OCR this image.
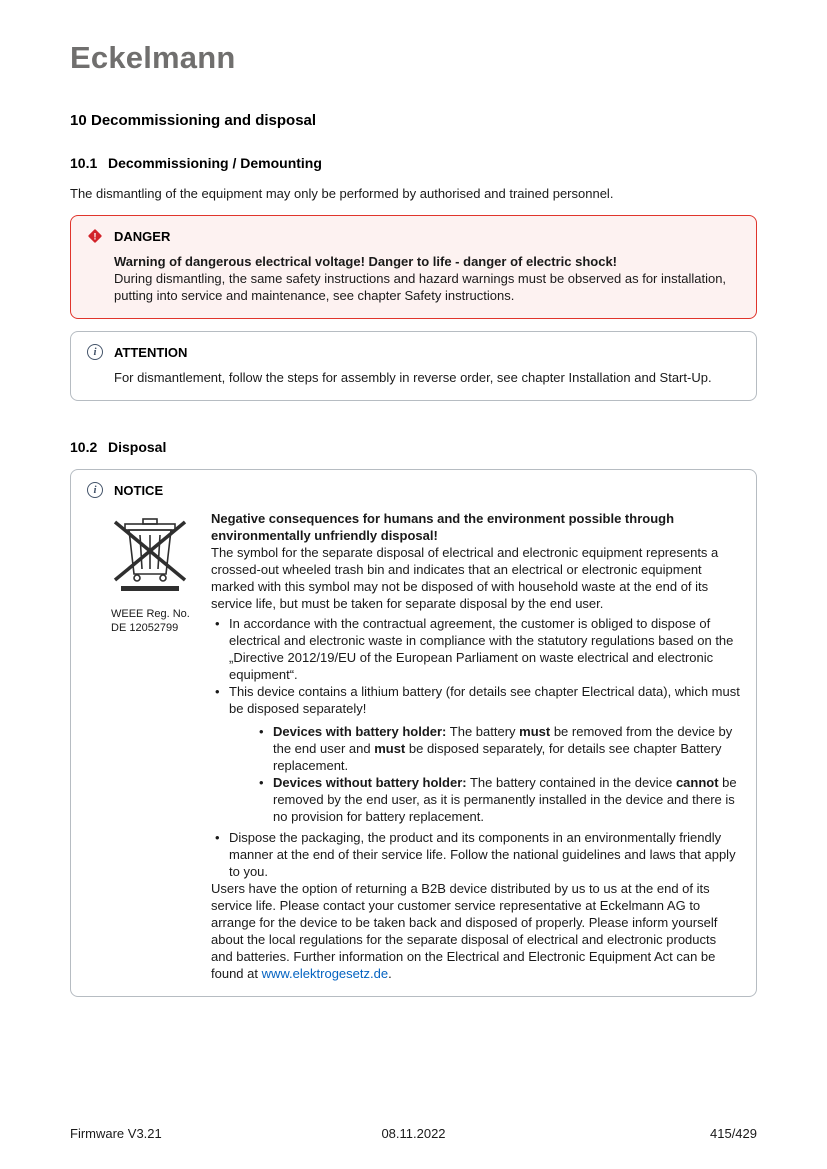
Eckelmann
10 Decommissioning and disposal
10.1 Decommissioning / Demounting

The dismantling of the equipment may only be performed by authorised and trained personnel.

! DANGER

Warning of dangerous electrical voltage! Danger to life - danger of electric shock!

During dismantling, the same safety instructions and hazard warnings must be observed as for installation, putting into service and maintenance, see chapter Safety instructions.

i ATTENTION

For dismantlement, follow the steps for assembly in reverse order, see chapter Installation and Start-Up.

10.2 Disposal
i NOTICE
WEEE Reg. No.
DE 12052799

Negative consequences for humans and the environment possible through environmentally unfriendly disposal!

The symbol for the separate disposal of electrical and electronic equipment represents a crossed-out wheeled trash bin and indicates that an electrical or electronic equipment marked with this symbol may not be disposed of with household waste at the end of its service life, but must be taken for separate disposal by the end user.

• In accordance with the contractual agreement, the customer is obliged to dispose of electrical and electronic waste in compliance with the statutory regulations based on the „Directive 2012/19/EU of the European Parliament on waste electrical and electronic equipment“.
• This device contains a lithium battery (for details see chapter Electrical data), which must be disposed separately!
• Devices with battery holder: The battery must be removed from the device by the end user and must be disposed separately, for details see chapter Battery replacement.
• Devices without battery holder: The battery contained in the device cannot be removed by the end user, as it is permanently installed in the device and there is no provision for battery replacement.
• Dispose the packaging, the product and its components in an environmentally friendly manner at the end of their service life. Follow the national guidelines and laws that apply to you.

Users have the option of returning a B2B device distributed by us to us at the end of its service life. Please contact your customer service representative at Eckelmann AG to arrange for the device to be taken back and disposed of properly. Please inform yourself about the local regulations for the separate disposal of electrical and electronic products and batteries. Further information on the Electrical and Electronic Equipment Act can be found at www.elektrogesetz.de.

Firmware V3.21	08.11.2022	415/429
